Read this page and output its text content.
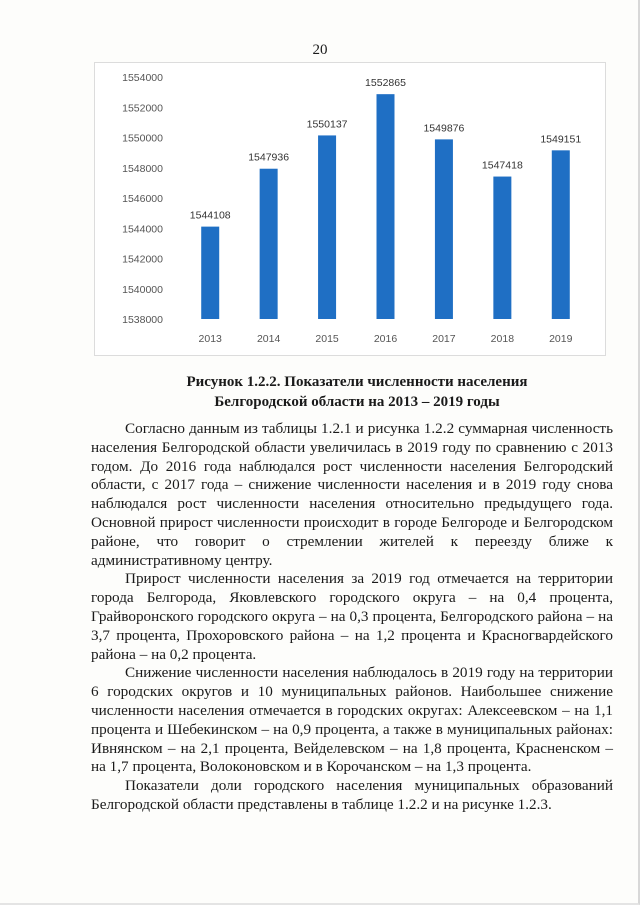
20
1538000
1540000
1542000
1544000
1546000
1548000
1550000
1552000
1554000
1544108
1547936
1550137
1552865
1549876
1547418
1549151
2013	2014	2015	2016	2017	2018	2019
Рисунок 1.2.2. Показатели численности населения
Белгородской области на 2013 – 2019 годы

Согласно данным из таблицы 1.2.1 и рисунка 1.2.2 суммарная численность населения Белгородской области увеличилась в 2019 году по сравнению с 2013 годом. До 2016 года наблюдался рост численности населения Белгородский области, с 2017 года – снижение численности населения и в 2019 году снова наблюдался рост численности населения относительно предыдущего года. Основной прирост численности происходит в городе Белгороде и Белгородском районе, что говорит о стремлении жителей к переезду ближе к административному центру.

Прирост численности населения за 2019 год отмечается на территории города Белгорода, Яковлевского городского округа – на 0,4 процента, Грайворонского городского округа – на 0,3 процента, Белгородского района – на 3,7 процента, Прохоровского района – на 1,2 процента и Красногвардейского района – на 0,2 процента.

Снижение численности населения наблюдалось в 2019 году на территории 6 городских округов и 10 муниципальных районов. Наибольшее снижение численности населения отмечается в городских округах: Алексеевском – на 1,1 процента и Шебекинском – на 0,9 процента, а также в муниципальных районах: Ивнянском – на 2,1 процента, Вейделевском – на 1,8 процента, Красненском – на 1,7 процента, Волоконовском и в Корочанском – на 1,3 процента.

Показатели доли городского населения муниципальных образований Белгородской области представлены в таблице 1.2.2 и на рисунке 1.2.3.
